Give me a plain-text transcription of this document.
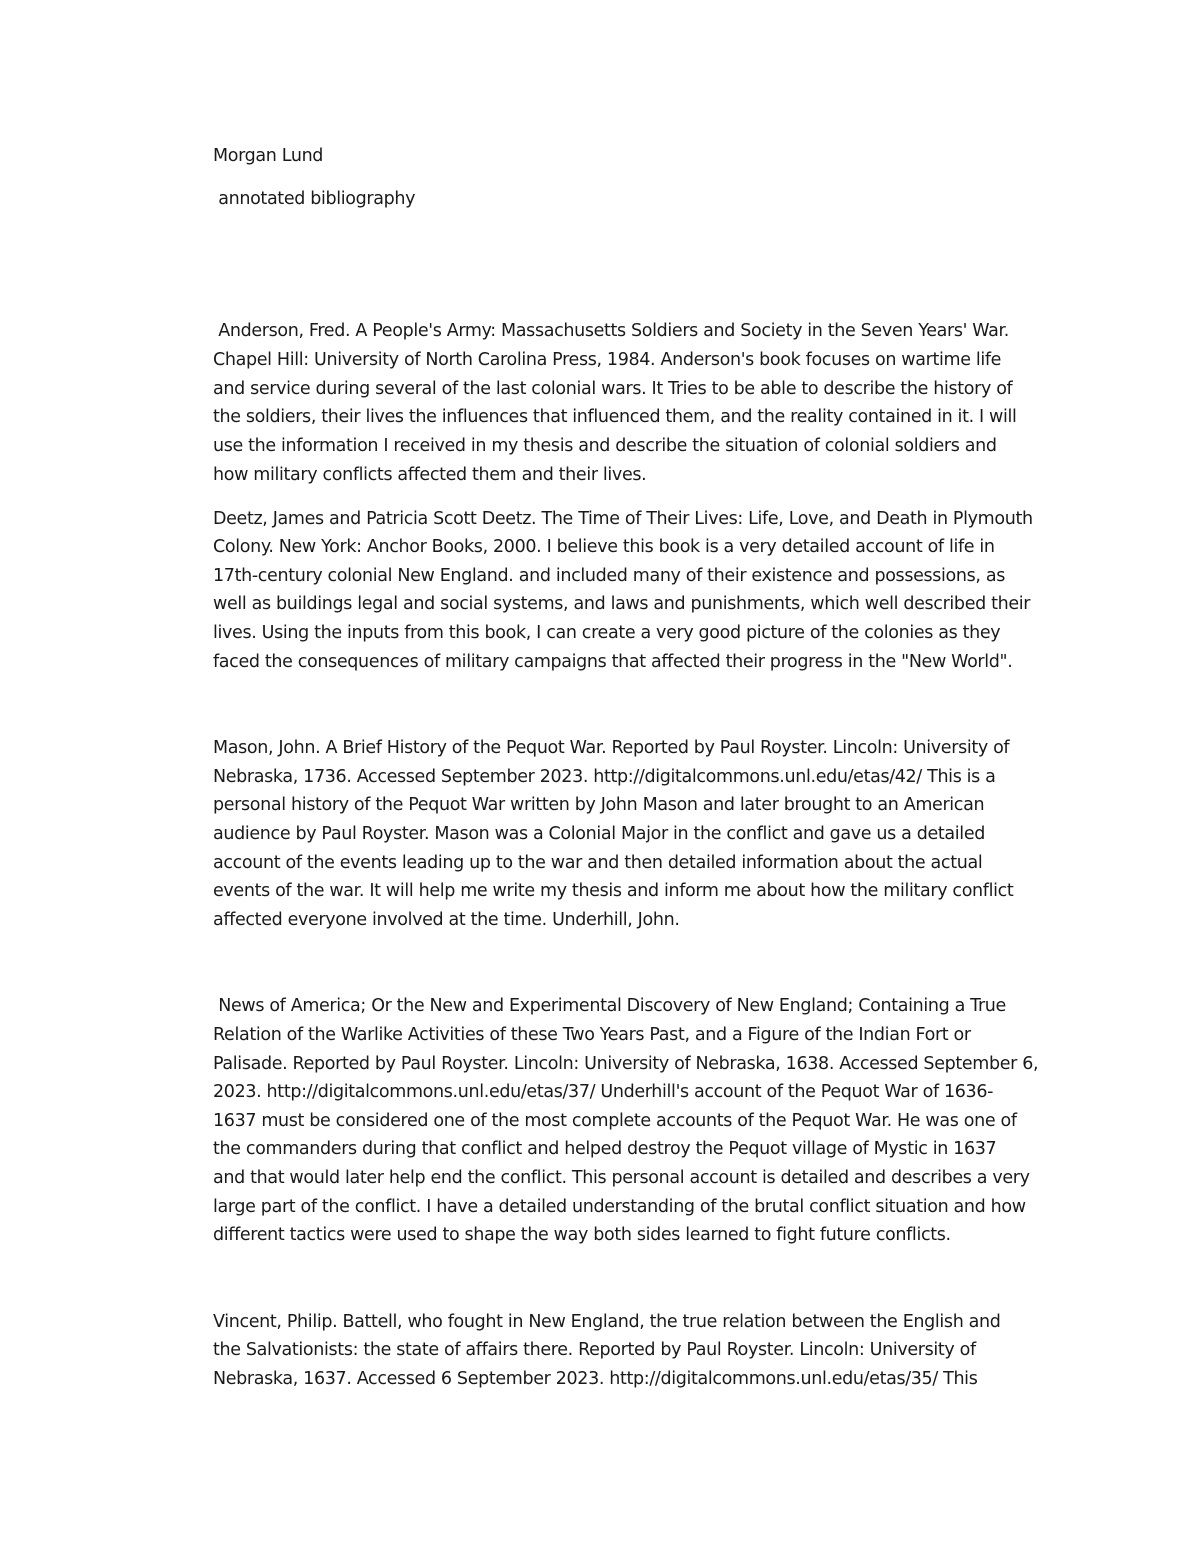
Morgan Lund
annotated bibliography
Anderson, Fred. A People's Army: Massachusetts Soldiers and Society in the Seven Years' War.
Chapel Hill: University of North Carolina Press, 1984. Anderson's book focuses on wartime life
and service during several of the last colonial wars. It Tries to be able to describe the history of
the soldiers, their lives the influences that influenced them, and the reality contained in it. I will
use the information I received in my thesis and describe the situation of colonial soldiers and
how military conflicts affected them and their lives.
Deetz, James and Patricia Scott Deetz. The Time of Their Lives: Life, Love, and Death in Plymouth
Colony. New York: Anchor Books, 2000. I believe this book is a very detailed account of life in
17th-century colonial New England. and included many of their existence and possessions, as
well as buildings legal and social systems, and laws and punishments, which well described their
lives. Using the inputs from this book, I can create a very good picture of the colonies as they
faced the consequences of military campaigns that affected their progress in the "New World".
Mason, John. A Brief History of the Pequot War. Reported by Paul Royster. Lincoln: University of
Nebraska, 1736. Accessed September 2023. http://digitalcommons.unl.edu/etas/42/ This is a
personal history of the Pequot War written by John Mason and later brought to an American
audience by Paul Royster. Mason was a Colonial Major in the conflict and gave us a detailed
account of the events leading up to the war and then detailed information about the actual
events of the war. It will help me write my thesis and inform me about how the military conflict
affected everyone involved at the time. Underhill, John.
News of America; Or the New and Experimental Discovery of New England; Containing a True
Relation of the Warlike Activities of these Two Years Past, and a Figure of the Indian Fort or
Palisade. Reported by Paul Royster. Lincoln: University of Nebraska, 1638. Accessed September 6,
2023. http://digitalcommons.unl.edu/etas/37/ Underhill's account of the Pequot War of 1636-
1637 must be considered one of the most complete accounts of the Pequot War. He was one of
the commanders during that conflict and helped destroy the Pequot village of Mystic in 1637
and that would later help end the conflict. This personal account is detailed and describes a very
large part of the conflict. I have a detailed understanding of the brutal conflict situation and how
different tactics were used to shape the way both sides learned to fight future conflicts.
Vincent, Philip. Battell, who fought in New England, the true relation between the English and
the Salvationists: the state of affairs there. Reported by Paul Royster. Lincoln: University of
Nebraska, 1637. Accessed 6 September 2023. http://digitalcommons.unl.edu/etas/35/ This
